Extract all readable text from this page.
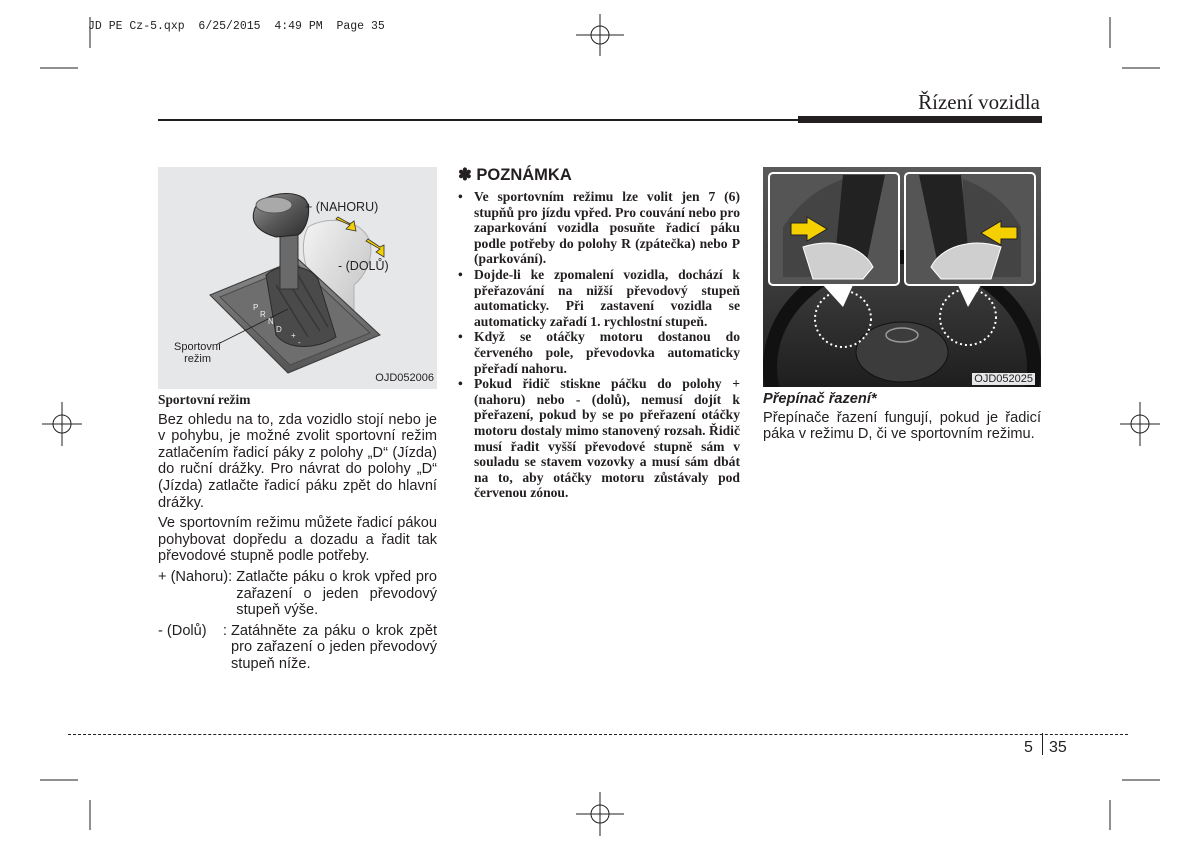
JD PE Cz-5.qxp  6/25/2015  4:49 PM  Page 35
Řízení vozidla
P
R
N
D
+
-
+ (NAHORU)
- (DOLŮ)
Sportovní
režim
OJD052006

Sportovní režim

Bez ohledu na to, zda vozidlo stojí nebo je v pohybu, je možné zvolit sportovní režim zatlačením řadicí páky z polohy „D“ (Jízda) do ruční drážky. Pro návrat do polohy „D“ (Jízda) zatlačte řadicí páku zpět do hlavní drážky.

Ve sportovním režimu můžete řadicí pákou pohybovat dopředu a dozadu a řadit tak převodové stupně podle potřeby.

+ (Nahoru): Zatlačte páku o krok vpřed pro zařazení o jeden převodový stupeň výše.
- (Dolů)    : Zatáhněte za páku o krok zpět pro zařazení o jeden převodový stupeň níže.
✽ POZNÁMKA
• Ve sportovním režimu lze volit jen 7 (6) stupňů pro jízdu vpřed. Pro couvání nebo pro zaparkování vozidla posuňte řadicí páku podle potřeby do polohy R (zpátečka) nebo P (parkování).
• Dojde-li ke zpomalení vozidla, dochází k přeřazování na nižší převodový stupeň automaticky. Při zastavení vozidla se automaticky zařadí 1. rychlostní stupeň.
• Když se otáčky motoru dostanou do červeného pole, převodovka automaticky přeřadí nahoru.
• Pokud řidič stiskne páčku do polohy + (nahoru) nebo - (dolů), nemusí dojít k přeřazení, pokud by se po přeřazení otáčky motoru dostaly mimo stanovený rozsah. Řidič musí řadit vyšší převodové stupně sám v souladu se stavem vozovky a musí sám dbát na to, aby otáčky motoru zůstávaly pod červenou zónou.
OJD052025

Přepínač řazení*

Přepínače řazení fungují, pokud je řadicí páka v režimu D, či ve sportovním režimu.

5 35
